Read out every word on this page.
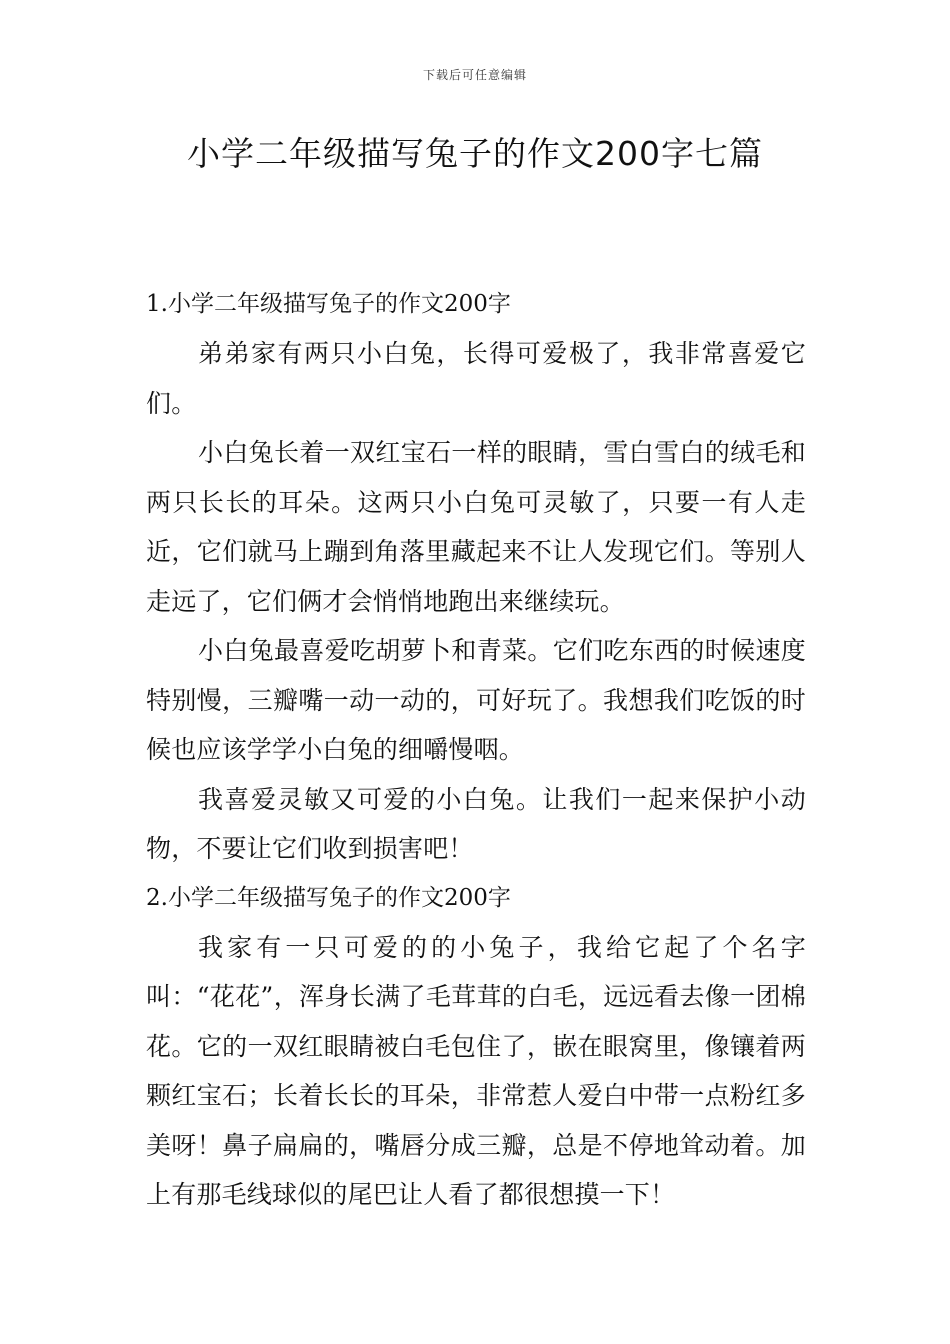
下载后可任意编辑
小学二年级描写兔子的作文200字七篇

1.小学二年级描写兔子的作文200字

弟弟家有两只小白兔，长得可爱极了，我非常喜爱它们。

小白兔长着一双红宝石一样的眼睛，雪白雪白的绒毛和两只长长的耳朵。这两只小白兔可灵敏了，只要一有人走近，它们就马上蹦到角落里藏起来不让人发现它们。等别人走远了，它们俩才会悄悄地跑出来继续玩。

小白兔最喜爱吃胡萝卜和青菜。它们吃东西的时候速度特别慢，三瓣嘴一动一动的，可好玩了。我想我们吃饭的时候也应该学学小白兔的细嚼慢咽。

我喜爱灵敏又可爱的小白兔。让我们一起来保护小动物，不要让它们收到损害吧！

2.小学二年级描写兔子的作文200字

我家有一只可爱的的小兔子，我给它起了个名字叫：“花花”，浑身长满了毛茸茸的白毛，远远看去像一团棉花。它的一双红眼睛被白毛包住了，嵌在眼窝里，像镶着两颗红宝石；长着长长的耳朵，非常惹人爱白中带一点粉红多美呀！鼻子扁扁的，嘴唇分成三瓣，总是不停地耸动着。加上有那毛线球似的尾巴让人看了都很想摸一下！
